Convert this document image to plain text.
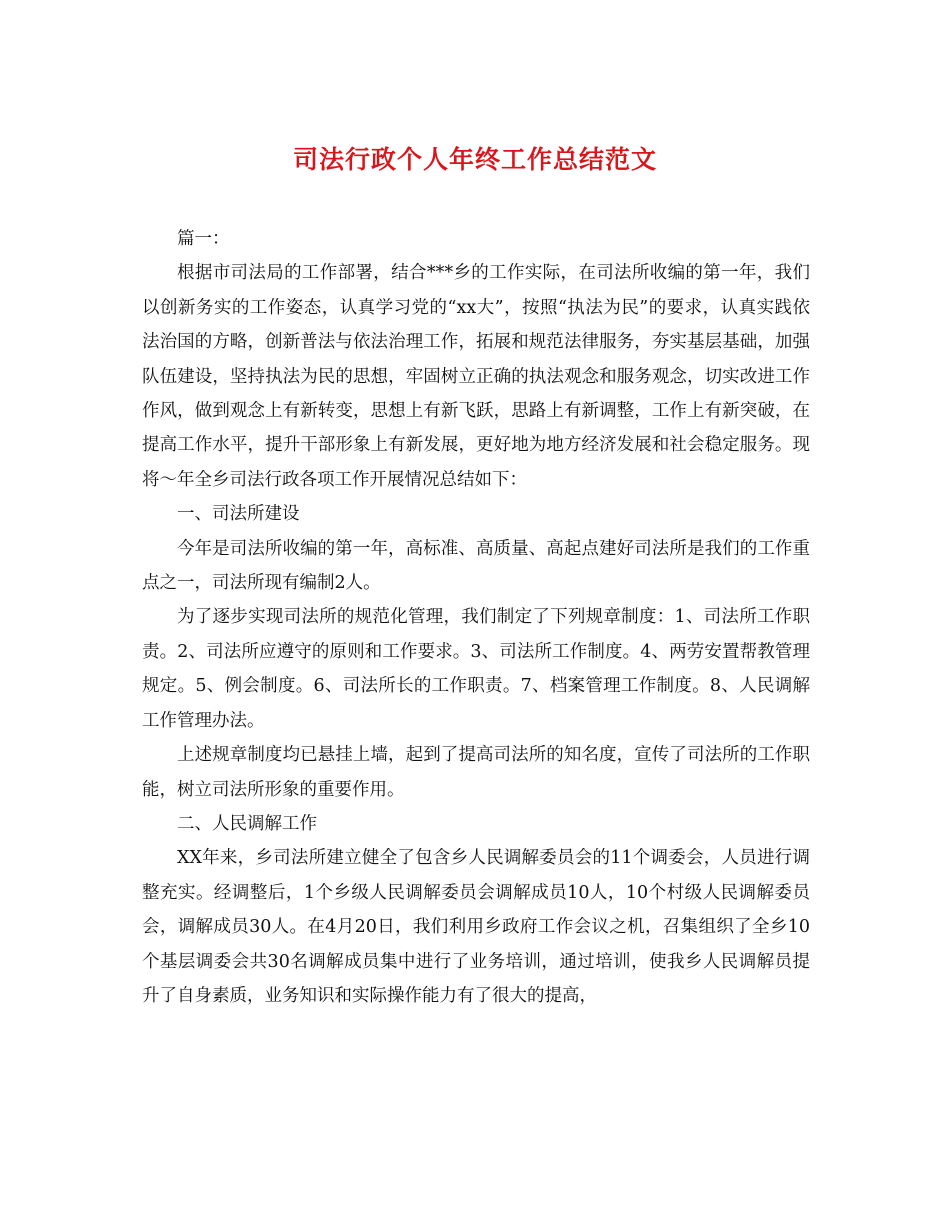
司法行政个人年终工作总结范文

篇一：

根据市司法局的工作部署，结合***乡的工作实际，在司法所收编的第一年，我们以创新务实的工作姿态，认真学习党的“xx大”，按照“执法为民”的要求，认真实践依法治国的方略，创新普法与依法治理工作，拓展和规范法律服务，夯实基层基础，加强队伍建设，坚持执法为民的思想，牢固树立正确的执法观念和服务观念，切实改进工作作风，做到观念上有新转变，思想上有新飞跃，思路上有新调整，工作上有新突破，在提高工作水平，提升干部形象上有新发展，更好地为地方经济发展和社会稳定服务。现将～年全乡司法行政各项工作开展情况总结如下：

一、司法所建设

今年是司法所收编的第一年，高标准、高质量、高起点建好司法所是我们的工作重点之一，司法所现有编制2人。

为了逐步实现司法所的规范化管理，我们制定了下列规章制度：1、司法所工作职责。2、司法所应遵守的原则和工作要求。3、司法所工作制度。4、两劳安置帮教管理规定。5、例会制度。6、司法所长的工作职责。7、档案管理工作制度。8、人民调解工作管理办法。

上述规章制度均已悬挂上墙，起到了提高司法所的知名度，宣传了司法所的工作职能，树立司法所形象的重要作用。

二、人民调解工作

XX年来，乡司法所建立健全了包含乡人民调解委员会的11个调委会，人员进行调整充实。经调整后，1个乡级人民调解委员会调解成员10人，10个村级人民调解委员会，调解成员30人。在4月20日，我们利用乡政府工作会议之机，召集组织了全乡10个基层调委会共30名调解成员集中进行了业务培训，通过培训，使我乡人民调解员提升了自身素质，业务知识和实际操作能力有了很大的提高，
